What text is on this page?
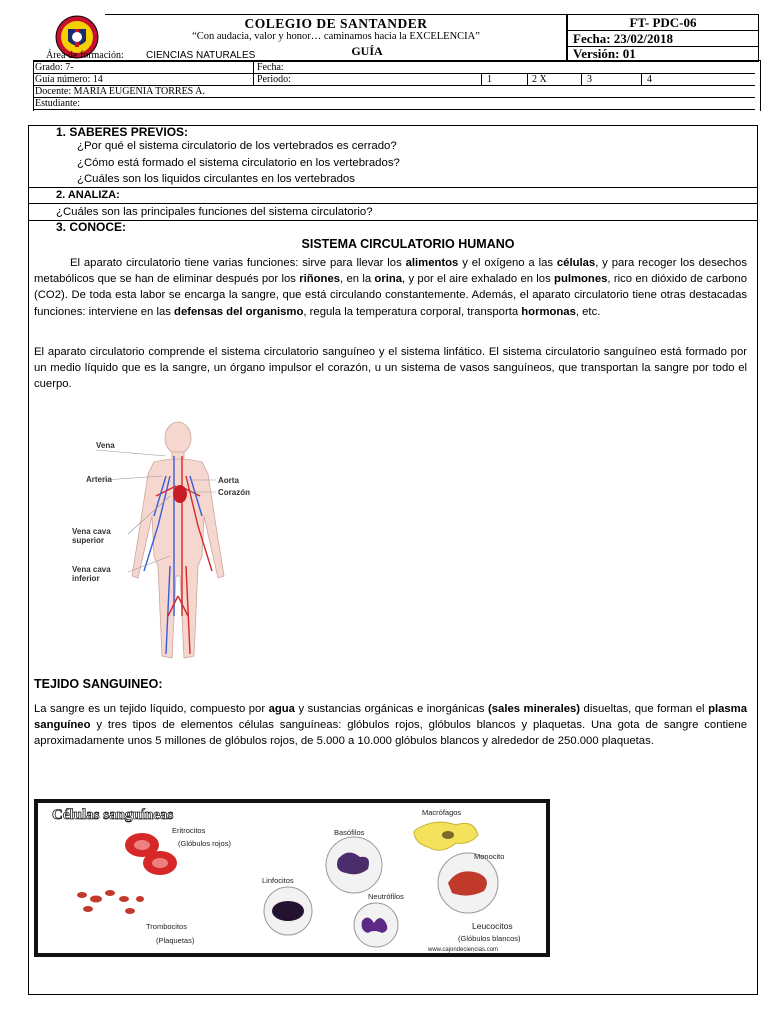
COLEGIO DE SANTANDER
“Con audacia, valor y honor… caminamos hacia la EXCELENCIA”
GUÍA
FT- PDC-06
Fecha: 23/02/2018
Versión: 01
Área de formación: CIENCIAS NATURALES
Grado: 7-	Fecha:
Guía número: 14	Periodo:	1	2 X	3	4
Docente: MARIA EUGENIA TORRES A.
Estudiante:
1. SABERES PREVIOS:
¿Por qué el sistema circulatorio de los vertebrados es cerrado?
¿Cómo está formado el sistema circulatorio en los vertebrados?
¿Cuáles son los liquidos circulantes en los vertebrados
2. ANALIZA:
¿Cuáles son las principales funciones del sistema circulatorio?
3. CONOCE:
SISTEMA CIRCULATORIO HUMANO
El aparato circulatorio tiene varias funciones: sirve para llevar los alimentos y el oxígeno a las células, y para recoger los desechos metabólicos que se han de eliminar después por los riñones, en la orina, y por el aire exhalado en los pulmones, rico en dióxido de carbono (CO2). De toda esta labor se encarga la sangre, que está circulando constantemente. Además, el aparato circulatorio tiene otras destacadas funciones: interviene en las defensas del organismo, regula la temperatura corporal, transporta hormonas, etc.
El aparato circulatorio comprende el sistema circulatorio sanguíneo y el sistema linfático. El sistema circulatorio sanguíneo está formado por un medio líquido que es la sangre, un órgano impulsor el corazón, u un sistema de vasos sanguíneos, que transportan la sangre por todo el cuerpo.
Vena
Arteria	Aorta
Corazón
Vena cava superior
Vena cava inferior
TEJIDO SANGUINEO:
La sangre es un tejido líquido, compuesto por agua y sustancias orgánicas e inorgánicas (sales minerales) disueltas, que forman el plasma sanguíneo y tres tipos de elementos células sanguíneas: glóbulos rojos, glóbulos blancos y plaquetas. Una gota de sangre contiene aproximadamente unos 5 millones de glóbulos rojos, de 5.000 a 10.000 glóbulos blancos y alrededor de 250.000 plaquetas.
Células sanguíneas
Eritrocitos
(Glóbulos rojos)
Trombocitos
(Plaquetas)
Basófilos
Macrófagos
Monocito
Linfocitos
Neutrófilos
Leucocitos
(Glóbulos blancos)
www.cajondeciencias.com
